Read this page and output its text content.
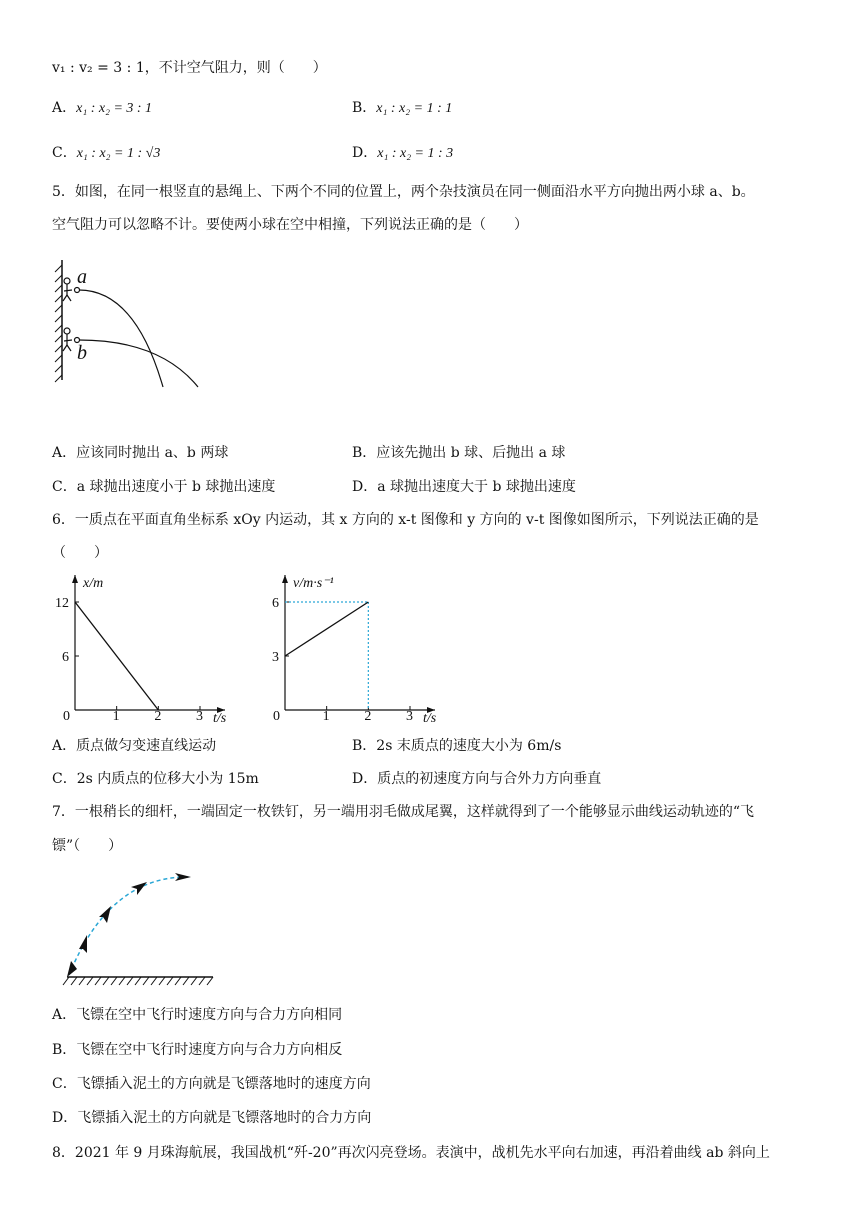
v₁ : v₂ = 3 : 1，不计空气阻力，则（　　）
A．x₁ : x₂ = 3 : 1	B．x₁ : x₂ = 1 : 1
C．x₁ : x₂ = 1 : √3	D．x₁ : x₂ = 1 : 3
5．如图，在同一根竖直的悬绳上、下两个不同的位置上，两个杂技演员在同一侧面沿水平方向抛出两小球 a、b。
空气阻力可以忽略不计。要使两小球在空中相撞，下列说法正确的是（　　）
a
b
A．应该同时抛出 a、b 两球	B．应该先抛出 b 球、后抛出 a 球
C．a 球抛出速度小于 b 球抛出速度	D．a 球抛出速度大于 b 球抛出速度
6．一质点在平面直角坐标系 xOy 内运动，其 x 方向的 x-t 图像和 y 方向的 v-t 图像如图所示，下列说法正确的是
（　　）
x/m
t/s
0	1 2 3
6
12
v/m·s⁻¹
t/s
0	1 2 3
3
6
A．质点做匀变速直线运动	B．2s 末质点的速度大小为 6m/s
C．2s 内质点的位移大小为 15m	D．质点的初速度方向与合外力方向垂直
7．一根稍长的细杆，一端固定一枚铁钉，另一端用羽毛做成尾翼，这样就得到了一个能够显示曲线运动轨迹的“飞
镖”（　　）
A．飞镖在空中飞行时速度方向与合力方向相同
B．飞镖在空中飞行时速度方向与合力方向相反
C．飞镖插入泥土的方向就是飞镖落地时的速度方向
D．飞镖插入泥土的方向就是飞镖落地时的合力方向
8．2021 年 9 月珠海航展，我国战机“歼-20”再次闪亮登场。表演中，战机先水平向右加速，再沿着曲线 ab 斜向上
